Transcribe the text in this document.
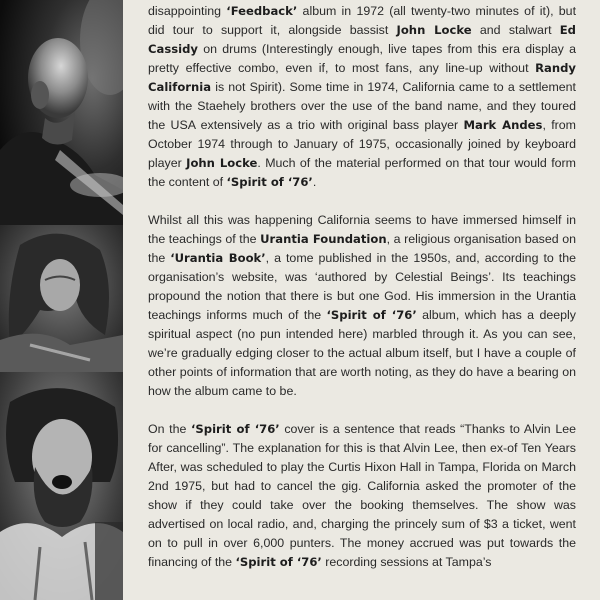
disappointing ‘Feedback’ album in 1972 (all twenty-two minutes of it), but did tour to support it, alongside bassist John Locke and stalwart Ed Cassidy on drums (Interestingly enough, live tapes from this era display a pretty effective combo, even if, to most fans, any line-up without Randy California is not Spirit). Some time in 1974, California came to a settlement with the Staehely brothers over the use of the band name, and they toured the USA extensively as a trio with original bass player Mark Andes, from October 1974 through to January of 1975, occasionally joined by keyboard player John Locke. Much of the material performed on that tour would form the content of ‘Spirit of ‘76’.

Whilst all this was happening California seems to have immersed himself in the teachings of the Urantia Foundation, a religious organisation based on the ‘Urantia Book’, a tome published in the 1950s, and, according to the organisation’s website, was ‘authored by Celestial Beings’. Its teachings propound the notion that there is but one God. His immersion in the Urantia teachings informs much of the ‘Spirit of ‘76’ album, which has a deeply spiritual aspect (no pun intended here) marbled through it. As you can see, we’re gradually edging closer to the actual album itself, but I have a couple of other points of information that are worth noting, as they do have a bearing on how the album came to be.

On the ‘Spirit of ‘76’ cover is a sentence that reads “Thanks to Alvin Lee for cancelling”. The explanation for this is that Alvin Lee, then ex-of Ten Years After, was scheduled to play the Curtis Hixon Hall in Tampa, Florida on March 2nd 1975, but had to cancel the gig. California asked the promoter of the show if they could take over the booking themselves. The show was advertised on local radio, and, charging the princely sum of $3 a ticket, went on to pull in over 6,000 punters. The money accrued was put towards the financing of the ‘Spirit of ‘76’ recording sessions at Tampa’s
